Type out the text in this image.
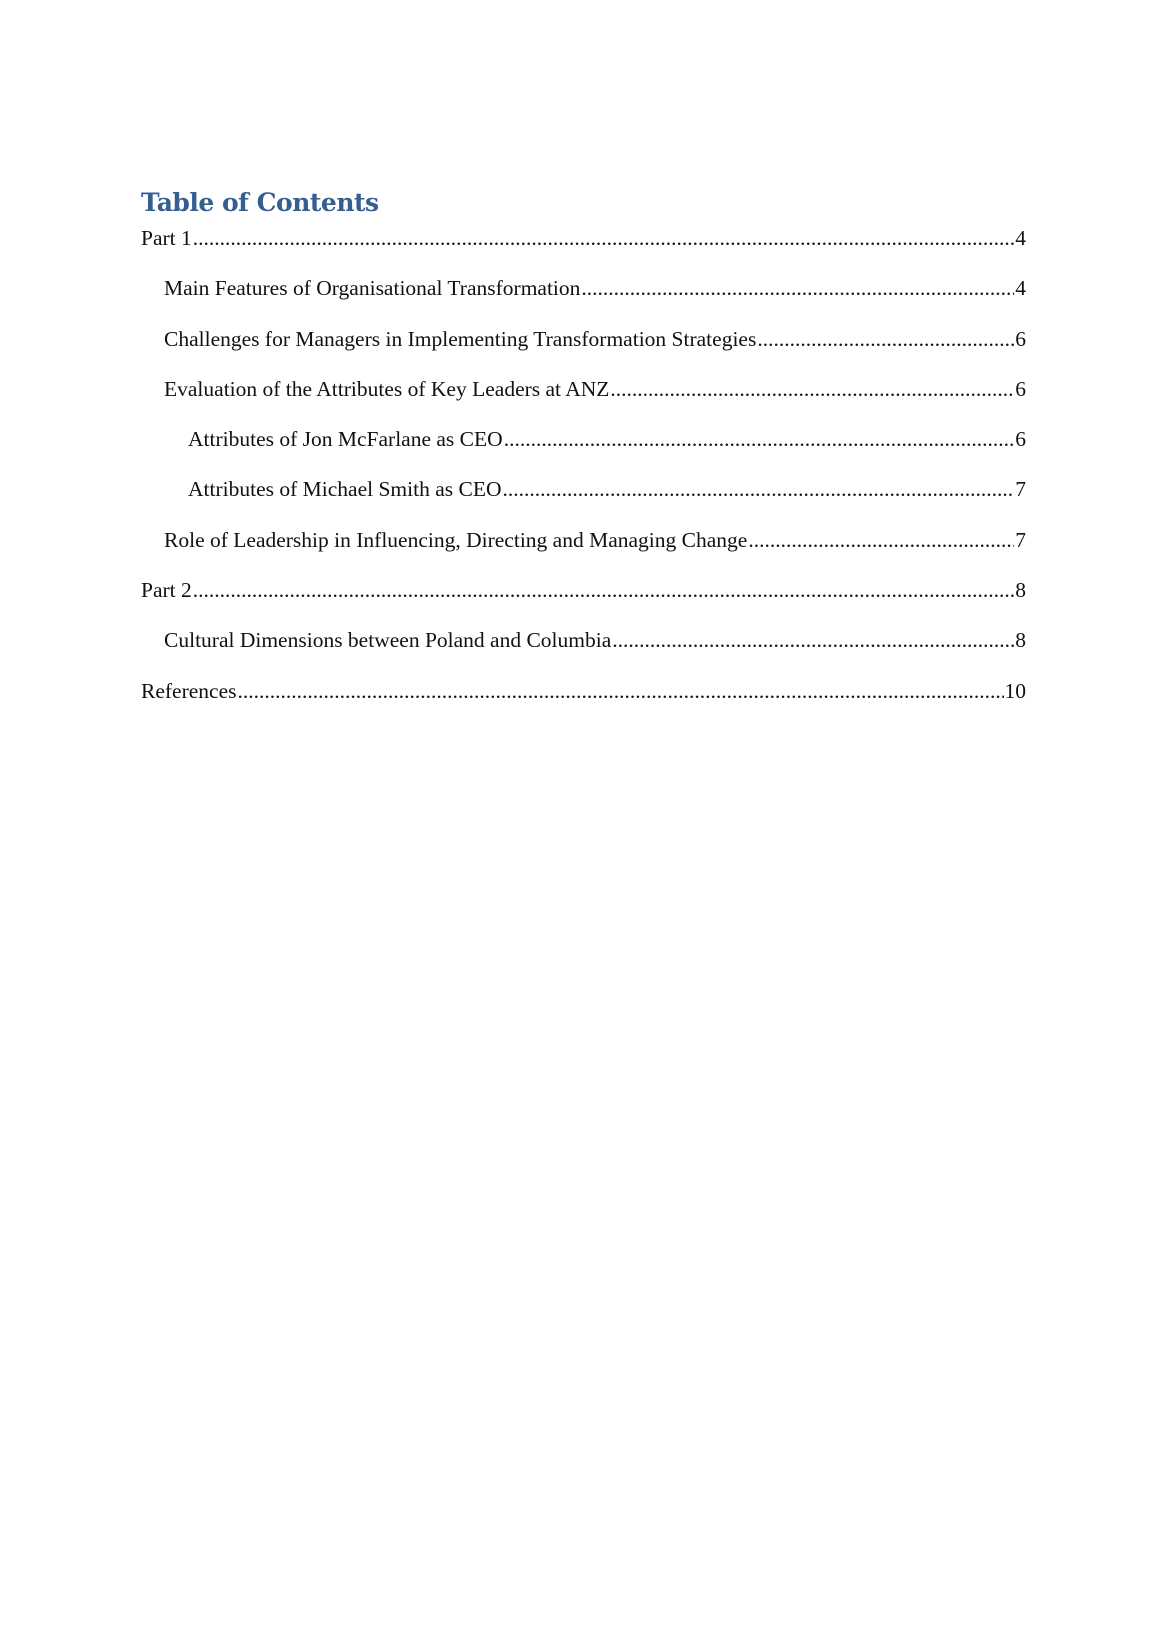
Table of Contents
Part 1 .....	4
Main Features of Organisational Transformation .....	4
Challenges for Managers in Implementing Transformation Strategies .....	6
Evaluation of the Attributes of Key Leaders at ANZ .....	6
Attributes of Jon McFarlane as CEO .....	6
Attributes of Michael Smith as CEO .....	7
Role of Leadership in Influencing, Directing and Managing Change .....	7
Part 2 .....	8
Cultural Dimensions between Poland and Columbia .....	8
References .....	10
